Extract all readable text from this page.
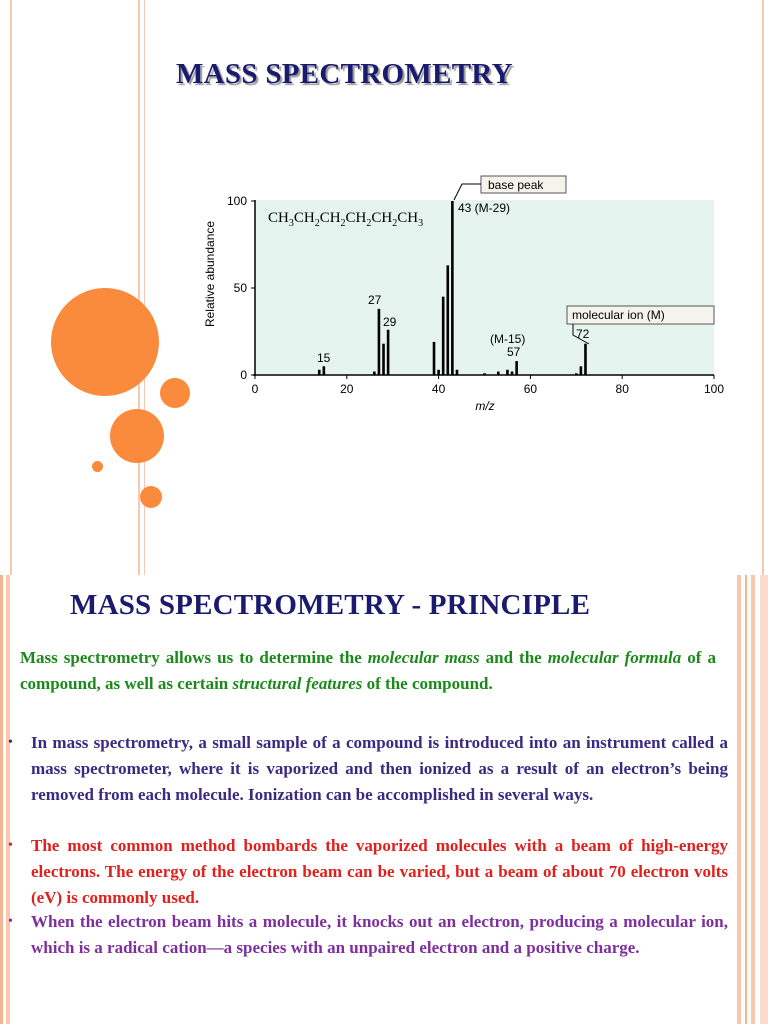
MASS SPECTROMETRY
0
50
100
0	20	40	60	80	100
Relative abundance
m/z
$CH_3CH_2CH_2CH_2CH_2CH_3$
15
27
29
43 (M-29)
(M-15)
57
72
base peak
molecular ion (M)
MASS SPECTROMETRY - PRINCIPLE
Mass spectrometry allows us to determine the molecular mass and the molecular formula of a compound, as well as certain structural features of the compound.
• In mass spectrometry, a small sample of a compound is introduced into an instrument called a mass spectrometer, where it is vaporized and then ionized as a result of an electron’s being removed from each molecule. Ionization can be accomplished in several ways.
• The most common method bombards the vaporized molecules with a beam of high-energy electrons. The energy of the electron beam can be varied, but a beam of about 70 electron volts (eV) is commonly used.
• When the electron beam hits a molecule, it knocks out an electron, producing a molecular ion, which is a radical cation—a species with an unpaired electron and a positive charge.
